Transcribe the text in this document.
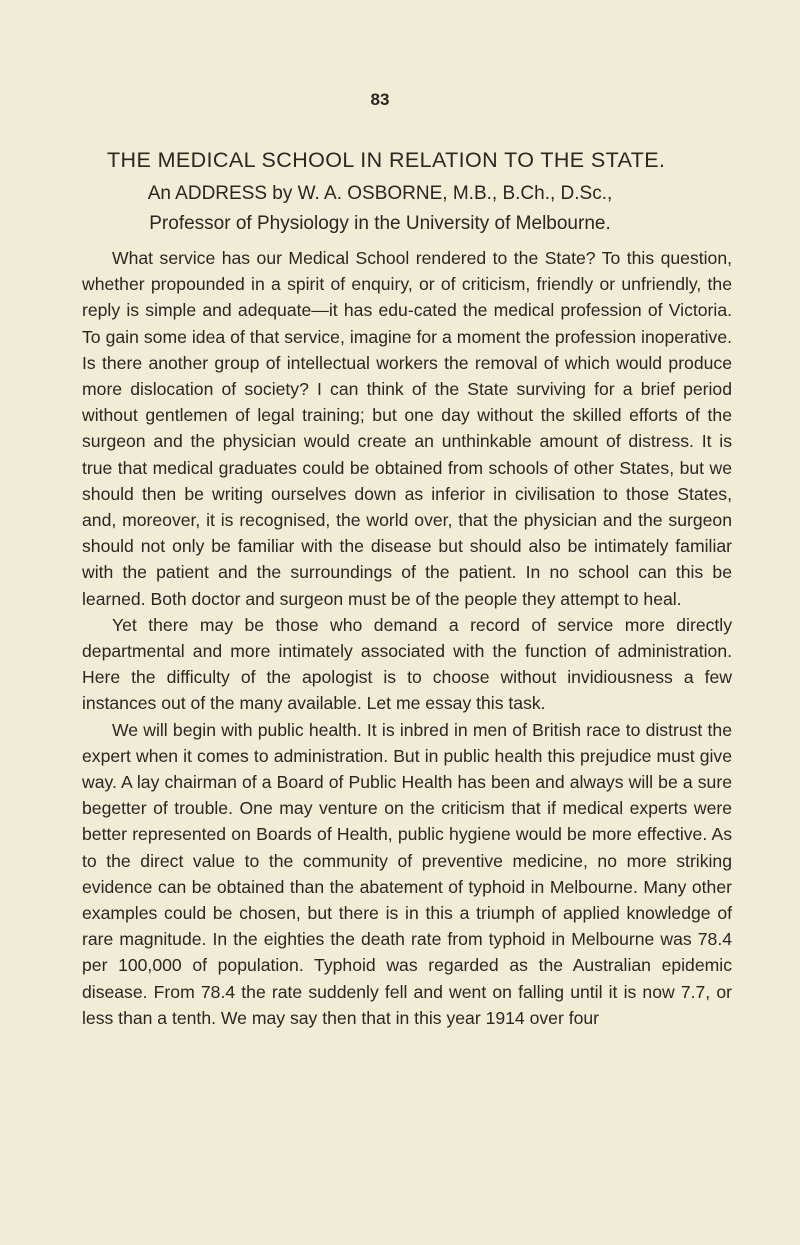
83
THE MEDICAL SCHOOL IN RELATION TO THE STATE.
An ADDRESS by W. A. OSBORNE, M.B., B.Ch., D.Sc.,
Professor of Physiology in the University of Melbourne.

What service has our Medical School rendered to the State? To this question, whether propounded in a spirit of enquiry, or of criticism, friendly or unfriendly, the reply is simple and adequate—it has edu-cated the medical profession of Victoria. To gain some idea of that service, imagine for a moment the profession inoperative. Is there another group of intellectual workers the removal of which would produce more dislocation of society? I can think of the State surviving for a brief period without gentlemen of legal training; but one day without the skilled efforts of the surgeon and the physician would create an unthinkable amount of distress. It is true that medical graduates could be obtained from schools of other States, but we should then be writing ourselves down as inferior in civilisation to those States, and, moreover, it is recognised, the world over, that the physician and the surgeon should not only be familiar with the disease but should also be intimately familiar with the patient and the surroundings of the patient. In no school can this be learned. Both doctor and surgeon must be of the people they attempt to heal.

Yet there may be those who demand a record of service more directly departmental and more intimately associated with the function of administration. Here the difficulty of the apologist is to choose without invidiousness a few instances out of the many available. Let me essay this task.

We will begin with public health. It is inbred in men of British race to distrust the expert when it comes to administration. But in public health this prejudice must give way. A lay chairman of a Board of Public Health has been and always will be a sure begetter of trouble. One may venture on the criticism that if medical experts were better represented on Boards of Health, public hygiene would be more effective. As to the direct value to the community of preventive medicine, no more striking evidence can be obtained than the abatement of typhoid in Melbourne. Many other examples could be chosen, but there is in this a triumph of applied knowledge of rare magnitude. In the eighties the death rate from typhoid in Melbourne was 78.4 per 100,000 of population. Typhoid was regarded as the Australian epidemic disease. From 78.4 the rate suddenly fell and went on falling until it is now 7.7, or less than a tenth. We may say then that in this year 1914 over four
